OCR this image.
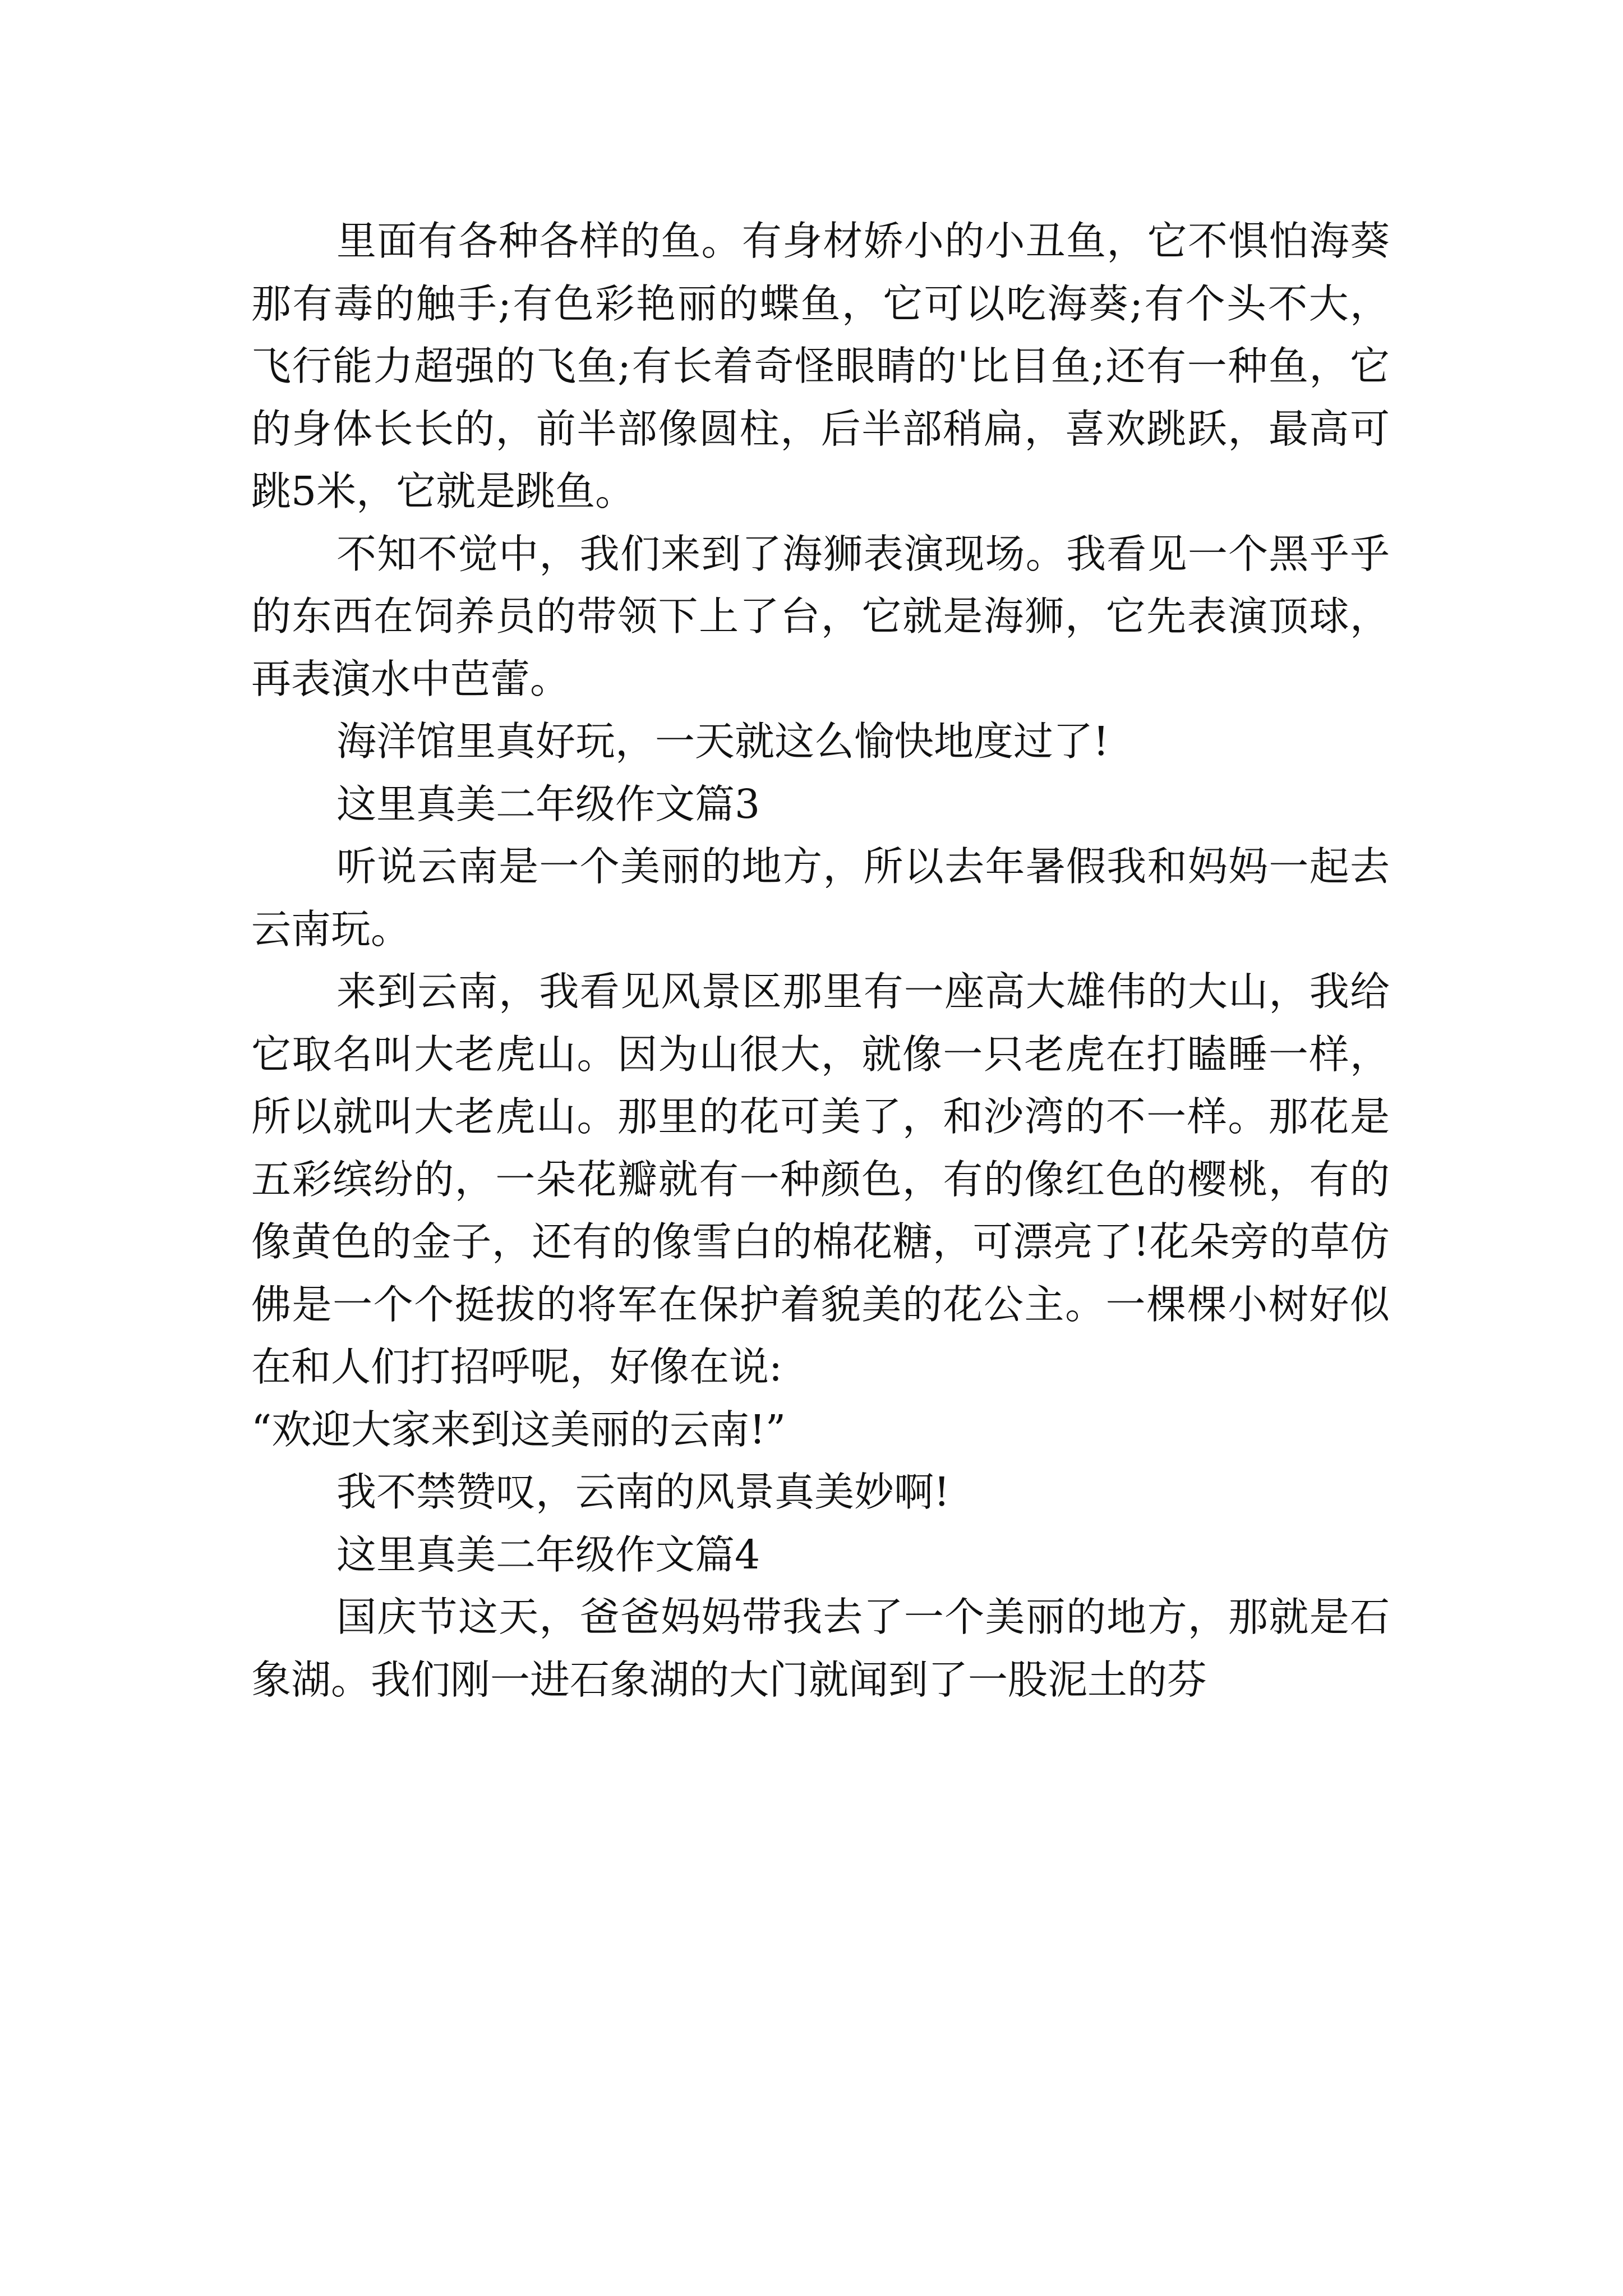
里面有各种各样的鱼。有身材娇小的小丑鱼，它不惧怕海葵那有毒的触手;有色彩艳丽的蝶鱼，它可以吃海葵;有个头不大，飞行能力超强的飞鱼;有长着奇怪眼睛的'比目鱼;还有一种鱼，它的身体长长的，前半部像圆柱，后半部稍扁，喜欢跳跃，最高可跳5米，它就是跳鱼。

不知不觉中，我们来到了海狮表演现场。我看见一个黑乎乎的东西在饲养员的带领下上了台，它就是海狮，它先表演顶球，再表演水中芭蕾。

海洋馆里真好玩，一天就这么愉快地度过了!

这里真美二年级作文篇3

听说云南是一个美丽的地方，所以去年暑假我和妈妈一起去云南玩。

来到云南，我看见风景区那里有一座高大雄伟的大山，我给它取名叫大老虎山。因为山很大，就像一只老虎在打瞌睡一样，所以就叫大老虎山。那里的花可美了，和沙湾的不一样。那花是五彩缤纷的，一朵花瓣就有一种颜色，有的像红色的樱桃，有的像黄色的金子，还有的像雪白的棉花糖，可漂亮了!花朵旁的草仿佛是一个个挺拔的将军在保护着貌美的花公主。一棵棵小树好似在和人们打招呼呢，好像在说:

“欢迎大家来到这美丽的云南!”

我不禁赞叹，云南的风景真美妙啊!

这里真美二年级作文篇4

国庆节这天，爸爸妈妈带我去了一个美丽的地方，那就是石象湖。我们刚一进石象湖的大门就闻到了一股泥土的芬
